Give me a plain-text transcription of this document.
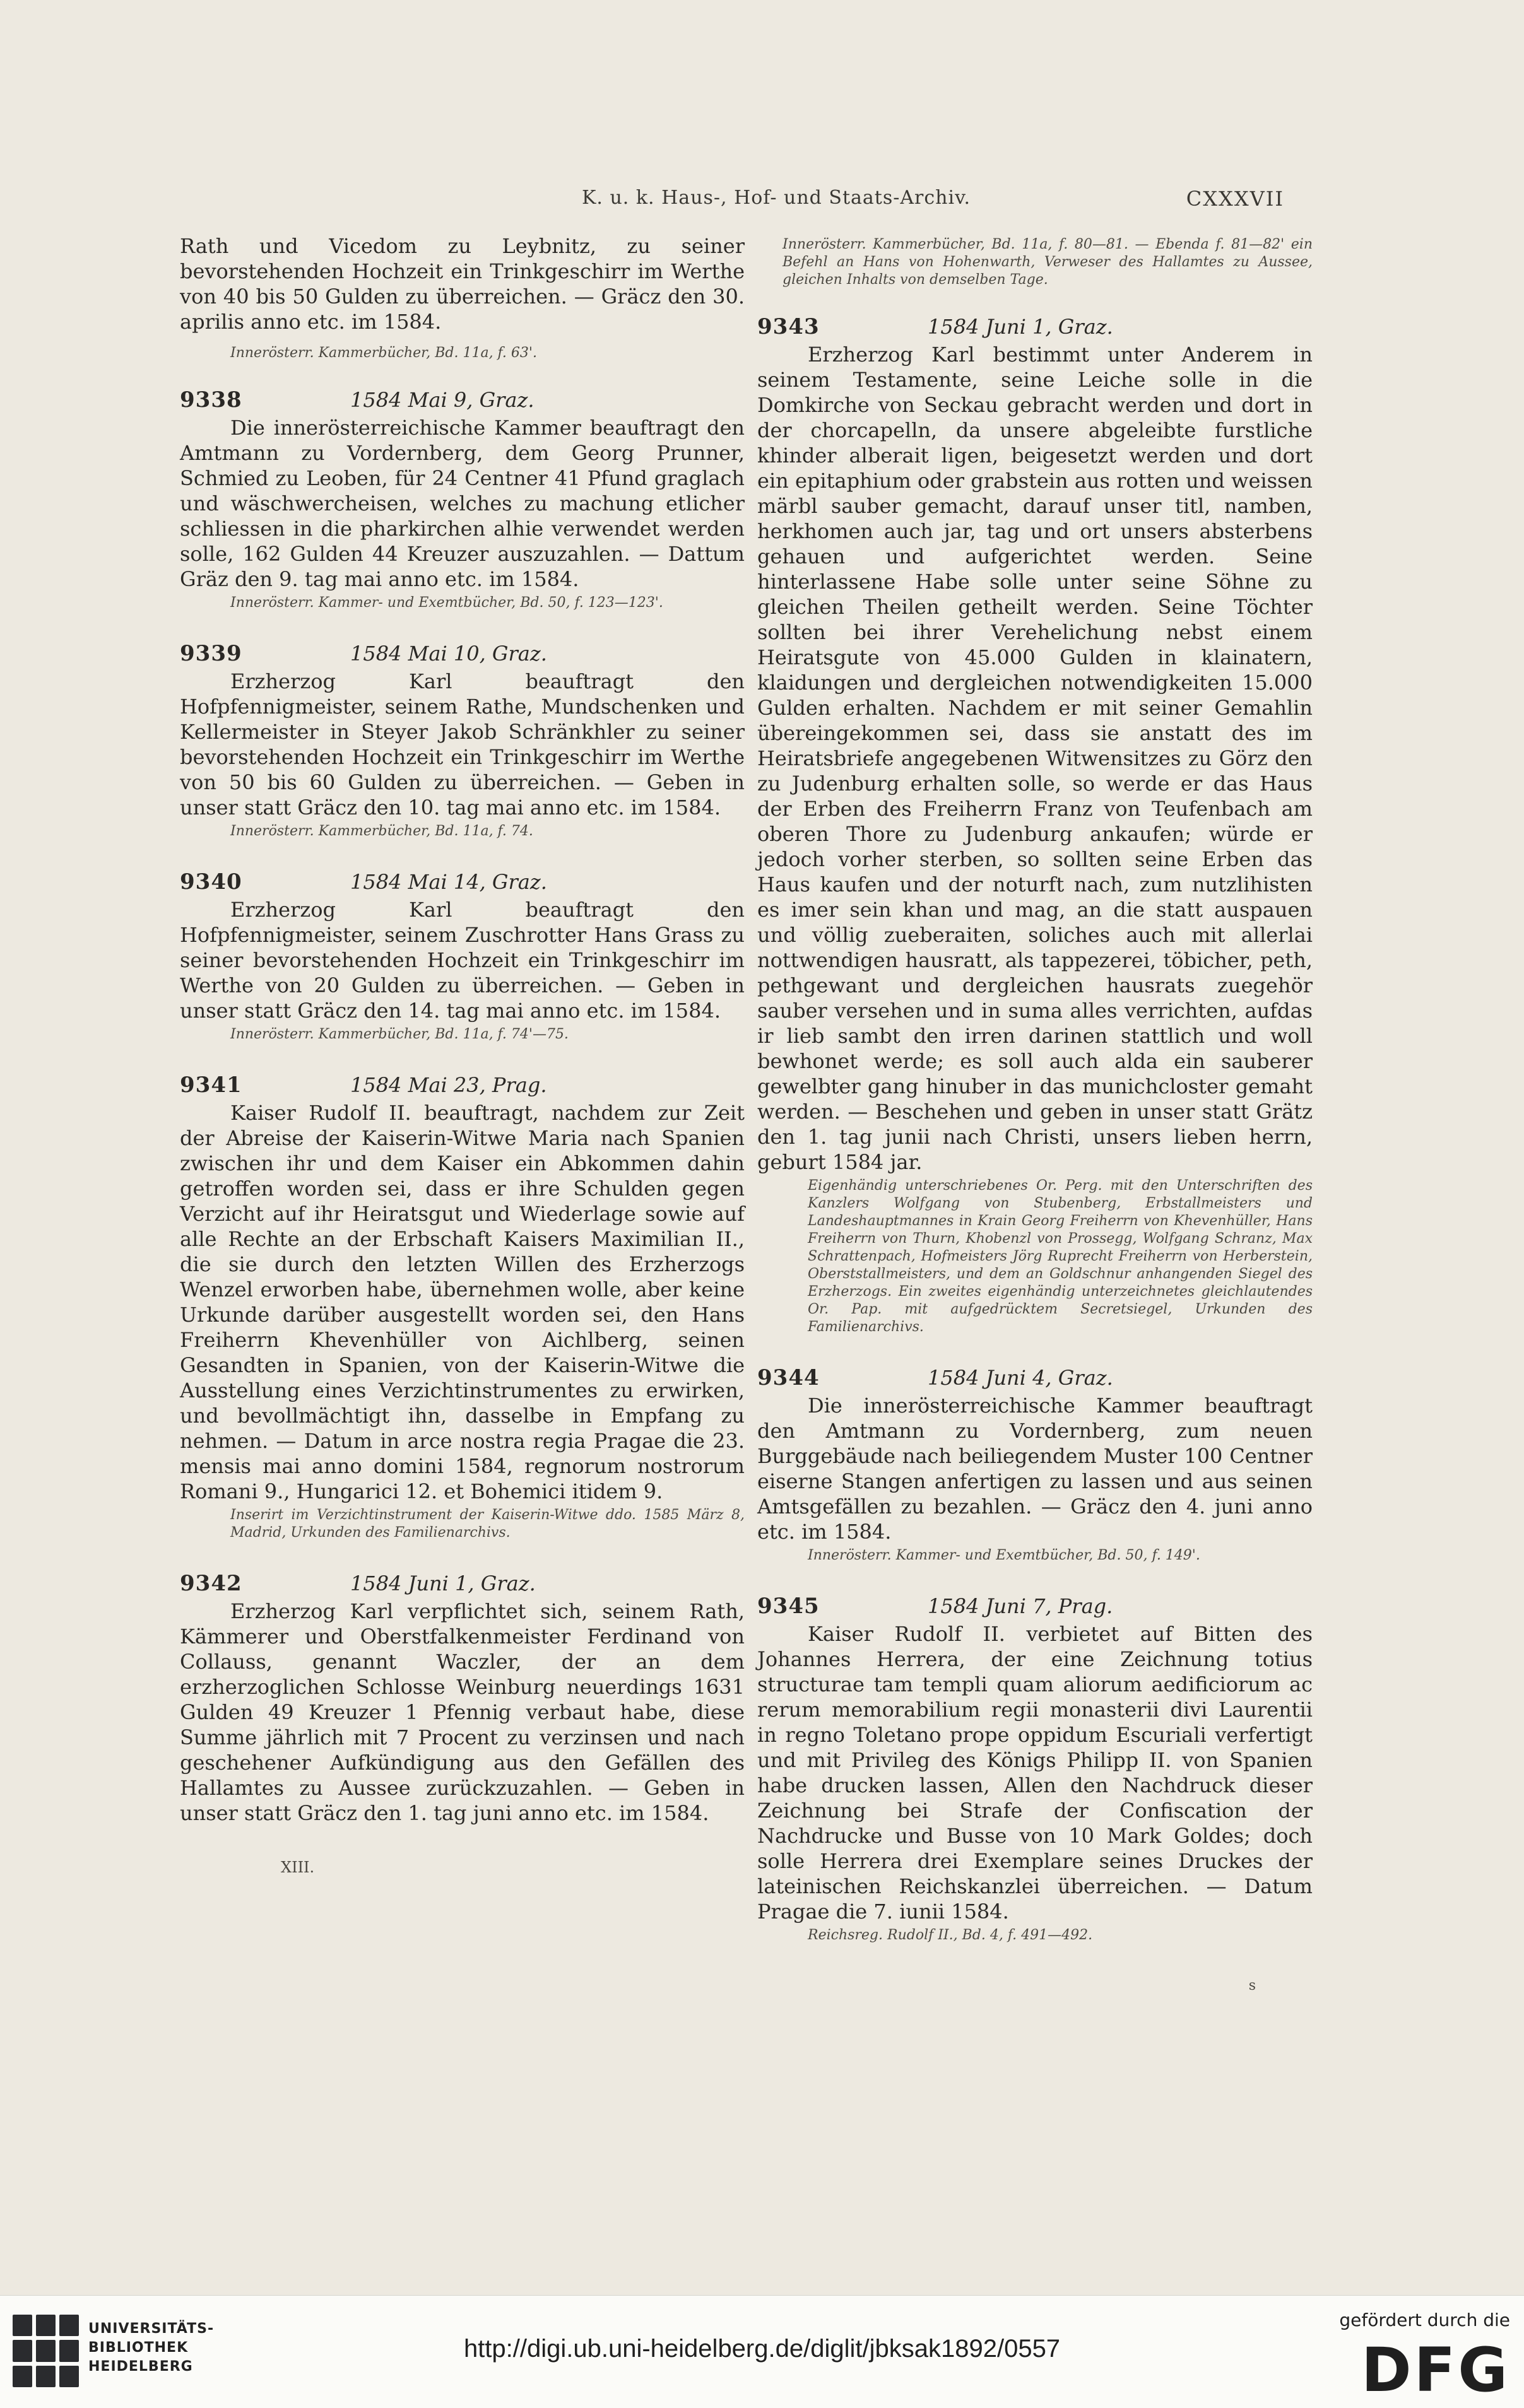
K. u. k. Haus-, Hof- und Staats-Archiv.	CXXXVII

Rath und Vicedom zu Leybnitz, zu seiner bevorstehenden Hochzeit ein Trinkgeschirr im Werthe von 40 bis 50 Gulden zu überreichen. — Grӓcz den 30. aprilis anno etc. im 1584.

Innerösterr. Kammerbücher, Bd. 11a, f. 63'.
9338	1584 Mai 9, Graz.

Die innerösterreichische Kammer beauftragt den Amtmann zu Vordernberg, dem Georg Prunner, Schmied zu Leoben, für 24 Centner 41 Pfund graglach und wäschwercheisen, welches zu machung etlicher schliessen in die pharkirchen alhie verwendet werden solle, 162 Gulden 44 Kreuzer auszuzahlen. — Dattum Gräz den 9. tag mai anno etc. im 1584.

Innerösterr. Kammer- und Exemtbücher, Bd. 50, f. 123—123'.
9339	1584 Mai 10, Graz.

Erzherzog Karl beauftragt den Hofpfennigmeister, seinem Rathe, Mundschenken und Kellermeister in Steyer Jakob Schränkhler zu seiner bevorstehenden Hochzeit ein Trinkgeschirr im Werthe von 50 bis 60 Gulden zu überreichen. — Geben in unser statt Grӓcz den 10. tag mai anno etc. im 1584.

Innerösterr. Kammerbücher, Bd. 11a, f. 74.
9340	1584 Mai 14, Graz.

Erzherzog Karl beauftragt den Hofpfennigmeister, seinem Zuschrotter Hans Grass zu seiner bevorstehenden Hochzeit ein Trinkgeschirr im Werthe von 20 Gulden zu überreichen. — Geben in unser statt Grӓcz den 14. tag mai anno etc. im 1584.

Innerösterr. Kammerbücher, Bd. 11a, f. 74'—75.
9341	1584 Mai 23, Prag.

Kaiser Rudolf II. beauftragt, nachdem zur Zeit der Abreise der Kaiserin-Witwe Maria nach Spanien zwischen ihr und dem Kaiser ein Abkommen dahin getroffen worden sei, dass er ihre Schulden gegen Verzicht auf ihr Heiratsgut und Wiederlage sowie auf alle Rechte an der Erbschaft Kaisers Maximilian II., die sie durch den letzten Willen des Erzherzogs Wenzel erworben habe, übernehmen wolle, aber keine Urkunde darüber ausgestellt worden sei, den Hans Freiherrn Khevenhüller von Aichlberg, seinen Gesandten in Spanien, von der Kaiserin-Witwe die Ausstellung eines Verzichtinstrumentes zu erwirken, und bevollmächtigt ihn, dasselbe in Empfang zu nehmen. — Datum in arce nostra regia Pragae die 23. mensis mai anno domini 1584, regnorum nostrorum Romani 9., Hungarici 12. et Bohemici itidem 9.

Inserirt im Verzichtinstrument der Kaiserin-Witwe ddo. 1585 März 8, Madrid, Urkunden des Familienarchivs.
9342	1584 Juni 1, Graz.

Erzherzog Karl verpflichtet sich, seinem Rath, Kämmerer und Oberstfalkenmeister Ferdinand von Collauss, genannt Waczler, der an dem erzherzoglichen Schlosse Weinburg neuerdings 1631 Gulden 49 Kreuzer 1 Pfennig verbaut habe, diese Summe jährlich mit 7 Procent zu verzinsen und nach geschehener Aufkündigung aus den Gefällen des Hallamtes zu Aussee zurückzuzahlen. — Geben in unser statt Grӓcz den 1. tag juni anno etc. im 1584.

XIII.
Innerösterr. Kammerbücher, Bd. 11a, f. 80—81. — Ebenda f. 81—82' ein Befehl an Hans von Hohenwarth, Verweser des Hallamtes zu Aussee, gleichen Inhalts von demselben Tage.
9343	1584 Juni 1, Graz.

Erzherzog Karl bestimmt unter Anderem in seinem Testamente, seine Leiche solle in die Domkirche von Seckau gebracht werden und dort in der chorcapelln, da unsere abgeleibte furstliche khinder alberait ligen, beigesetzt werden und dort ein epitaphium oder grabstein aus rotten und weissen märbl sauber gemacht, darauf unser titl, namben, herkhomen auch jar, tag und ort unsers absterbens gehauen und aufgerichtet werden. Seine hinterlassene Habe solle unter seine Söhne zu gleichen Theilen getheilt werden. Seine Töchter sollten bei ihrer Verehelichung nebst einem Heiratsgute von 45.000 Gulden in klainatern, klaidungen und dergleichen notwendigkeiten 15.000 Gulden erhalten. Nachdem er mit seiner Gemahlin übereingekommen sei, dass sie anstatt des im Heiratsbriefe angegebenen Witwensitzes zu Görz den zu Judenburg erhalten solle, so werde er das Haus der Erben des Freiherrn Franz von Teufenbach am oberen Thore zu Judenburg ankaufen; würde er jedoch vorher sterben, so sollten seine Erben das Haus kaufen und der noturft nach, zum nutzlihisten es imer sein khan und mag, an die statt auspauen und völlig zueberaiten, soliches auch mit allerlai nottwendigen hausratt, als tappezerei, töbicher, peth, pethgewant und dergleichen hausrats zuegehör sauber versehen und in suma alles verrichten, aufdas ir lieb sambt den irren darinen stattlich und woll bewhonet werde; es soll auch alda ein sauberer gewelbter gang hinuber in das munichcloster gemaht werden. — Beschehen und geben in unser statt Grätz den 1. tag junii nach Christi, unsers lieben herrn, geburt 1584 jar.

Eigenhändig unterschriebenes Or. Perg. mit den Unterschriften des Kanzlers Wolfgang von Stubenberg, Erbstallmeisters und Landeshauptmannes in Krain Georg Freiherrn von Khevenhüller, Hans Freiherrn von Thurn, Khobenzl von Prossegg, Wolfgang Schranz, Max Schrattenpach, Hofmeisters Jörg Ruprecht Freiherrn von Herberstein, Oberststallmeisters, und dem an Goldschnur anhangenden Siegel des Erzherzogs. Ein zweites eigenhändig unterzeichnetes gleichlautendes Or. Pap. mit aufgedrücktem Secretsiegel, Urkunden des Familienarchivs.
9344	1584 Juni 4, Graz.

Die innerösterreichische Kammer beauftragt den Amtmann zu Vordernberg, zum neuen Burggebäude nach beiliegendem Muster 100 Centner eiserne Stangen anfertigen zu lassen und aus seinen Amtsgefällen zu bezahlen. — Grӓcz den 4. juni anno etc. im 1584.

Innerösterr. Kammer- und Exemtbücher, Bd. 50, f. 149'.
9345	1584 Juni 7, Prag.

Kaiser Rudolf II. verbietet auf Bitten des Johannes Herrera, der eine Zeichnung totius structurae tam templi quam aliorum aedificiorum ac rerum memorabilium regii monasterii divi Laurentii in regno Toletano prope oppidum Escuriali verfertigt und mit Privileg des Königs Philipp II. von Spanien habe drucken lassen, Allen den Nachdruck dieser Zeichnung bei Strafe der Confiscation der Nachdrucke und Busse von 10 Mark Goldes; doch solle Herrera drei Exemplare seines Druckes der lateinischen Reichskanzlei überreichen. — Datum Pragae die 7. iunii 1584.

Reichsreg. Rudolf II., Bd. 4, f. 491—492.
s
UNIVERSITÄTS-
BIBLIOTHEK
HEIDELBERG
http://digi.ub.uni-heidelberg.de/diglit/jbksak1892/0557
gefördert durch die
DFG
